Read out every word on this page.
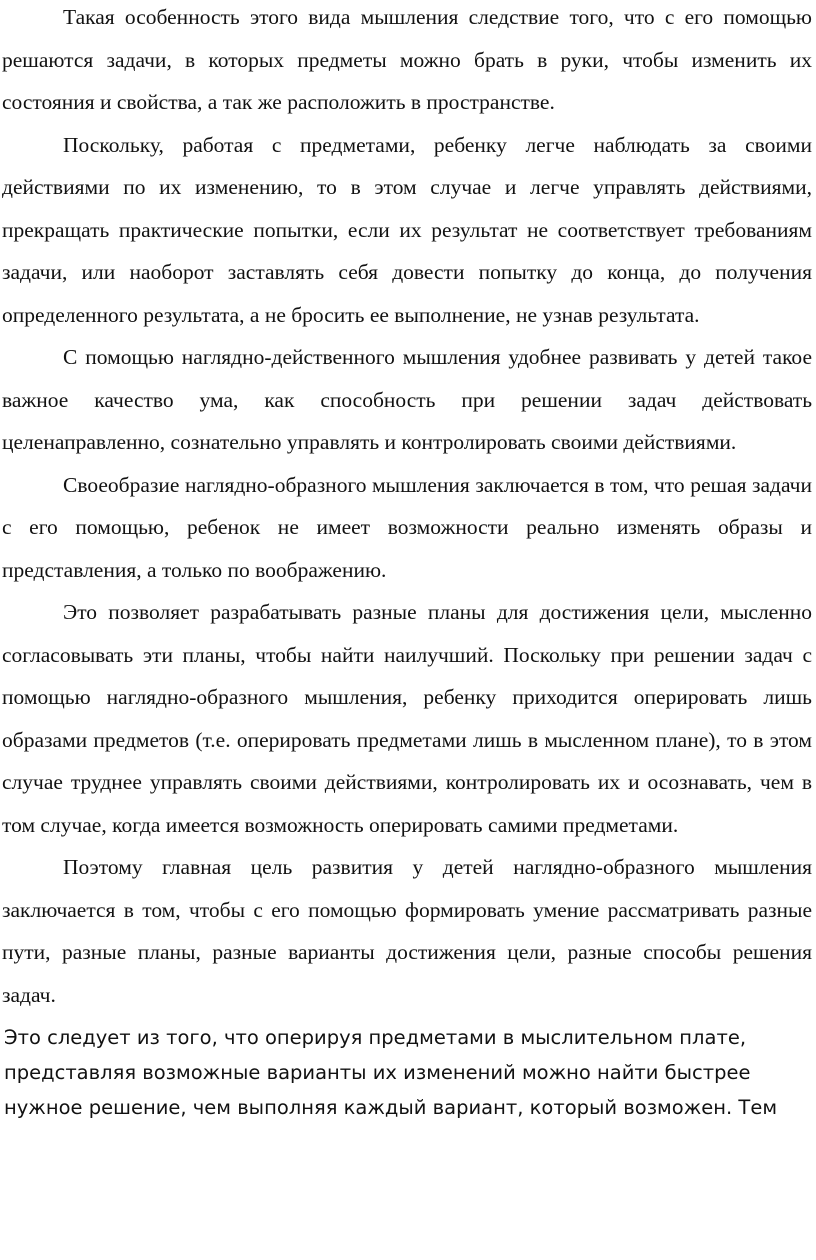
Такая особенность этого вида мышления следствие того, что с его помощью решаются задачи, в которых предметы можно брать в руки, чтобы изменить их состояния и свойства, а так же расположить в пространстве.

Поскольку, работая с предметами, ребенку легче наблюдать за своими действиями по их изменению, то в этом случае и легче управлять действиями, прекращать практические попытки, если их результат не соответствует требованиям задачи, или наоборот заставлять себя довести попытку до конца, до получения определенного результата, а не бросить ее выполнение, не узнав результата.

С помощью наглядно-действенного мышления удобнее развивать у детей такое важное качество ума, как способность при решении задач действовать целенаправленно, сознательно управлять и контролировать своими действиями.

Своеобразие наглядно-образного мышления заключается в том, что решая задачи с его помощью, ребенок не имеет возможности реально изменять образы и представления, а только по воображению.

Это позволяет разрабатывать разные планы для достижения цели, мысленно согласовывать эти планы, чтобы найти наилучший. Поскольку при решении задач с помощью наглядно-образного мышления, ребенку приходится оперировать лишь образами предметов (т.е. оперировать предметами лишь в мысленном плане), то в этом случае труднее управлять своими действиями, контролировать их и осознавать, чем в том случае, когда имеется возможность оперировать самими предметами.

Поэтому главная цель развития у детей наглядно-образного мышления заключается в том, чтобы с его помощью формировать умение рассматривать разные пути, разные планы, разные варианты достижения цели, разные способы решения задач.

Это следует из того, что оперируя предметами в мыслительном плате, представляя возможные варианты их изменений можно найти быстрее нужное решение, чем выполняя каждый вариант, который возможен. Тем
